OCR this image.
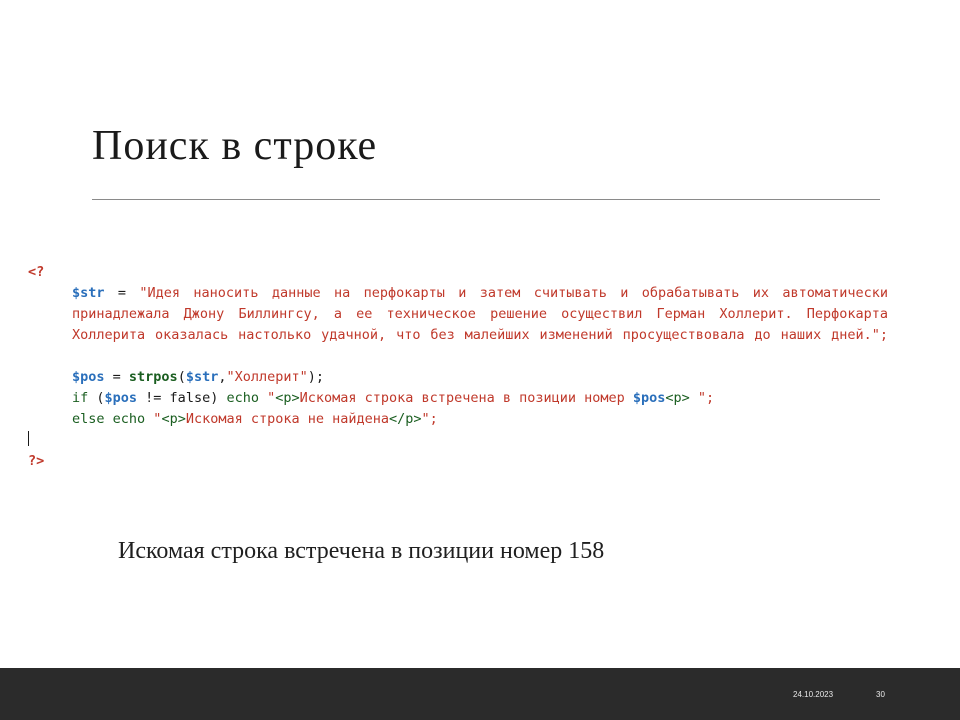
Поиск в строке
<?
$str = "Идея наносить данные на перфокарты и затем считывать и обрабатывать их автоматически принадлежала Джону Биллингсу, а ее техническое решение осуществил Герман Холлерит. Перфокарта Холлерита оказалась настолько удачной, что без малейших изменений просуществовала до наших дней.";
$pos = strpos($str,"Холлерит");
if ($pos != false) echo "<p>Искомая строка встречена в позиции номер $pos<p> ";
else echo "<p>Искомая строка не найдена</p>";
?>
Искомая строка встречена в позиции номер 158
24.10.2023	30
